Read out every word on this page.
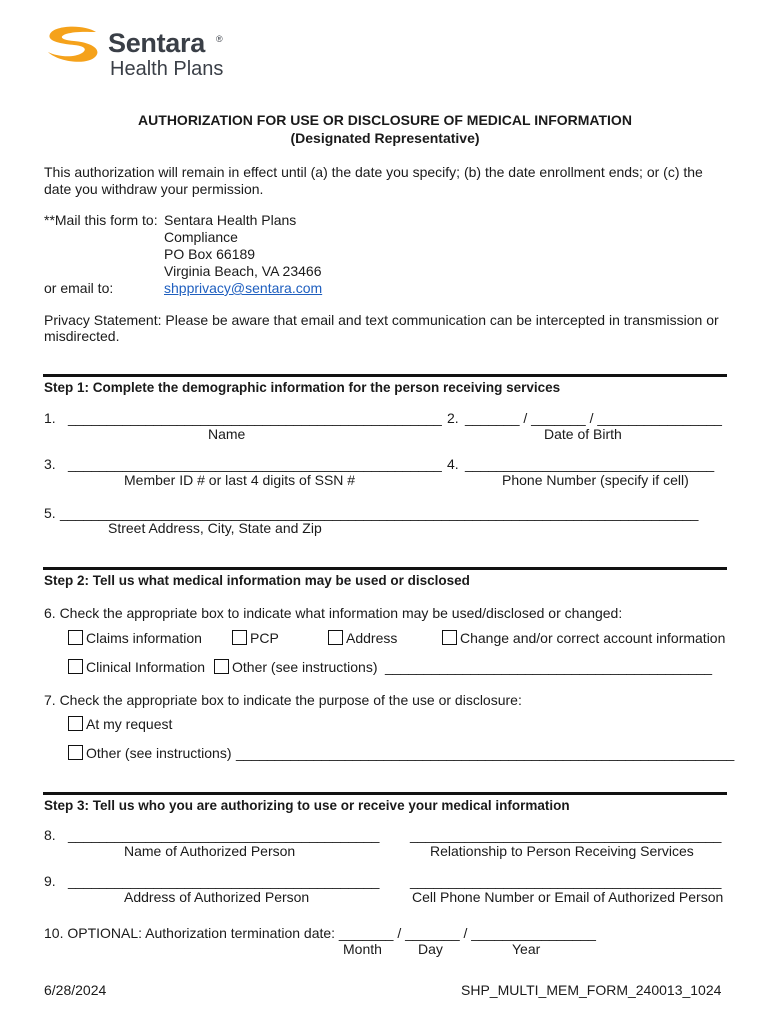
Sentara ®
Health Plans
AUTHORIZATION FOR USE OR DISCLOSURE OF MEDICAL INFORMATION
(Designated Representative)
This authorization will remain in effect until (a) the date you specify; (b) the date enrollment ends; or (c) the
date you withdraw your permission.
**Mail this form to: Sentara Health Plans
Compliance
PO Box 66189
Virginia Beach, VA 23466
or email to:	shpprivacy@sentara.com
Privacy Statement: Please be aware that email and text communication can be intercepted in transmission or
misdirected.
Step 1: Complete the demographic information for the person receiving services
1. ________________________________________________
Name
2. _______ / _______ / ________________
Date of Birth
3. ________________________________________________
Member ID # or last 4 digits of SSN #
4. ________________________________
Phone Number (specify if cell)
5. __________________________________________________________________________________
Street Address, City, State and Zip
Step 2: Tell us what medical information may be used or disclosed
6. Check the appropriate box to indicate what information may be used/disclosed or changed:
Claims information	PCP	Address	Change and/or correct account information
Clinical Information Other (see instructions) __________________________________________
7. Check the appropriate box to indicate the purpose of the use or disclosure:
At my request
Other (see instructions) ________________________________________________________________
Step 3: Tell us who you are authorizing to use or receive your medical information
8. ________________________________________
Name of Authorized Person
________________________________________
Relationship to Person Receiving Services
9. ________________________________________
Address of Authorized Person
________________________________________
Cell Phone Number or Email of Authorized Person
10. OPTIONAL: Authorization termination date: _______ / _______ / ________________
Month	Day	Year
6/28/2024	SHP_MULTI_MEM_FORM_240013_1024
